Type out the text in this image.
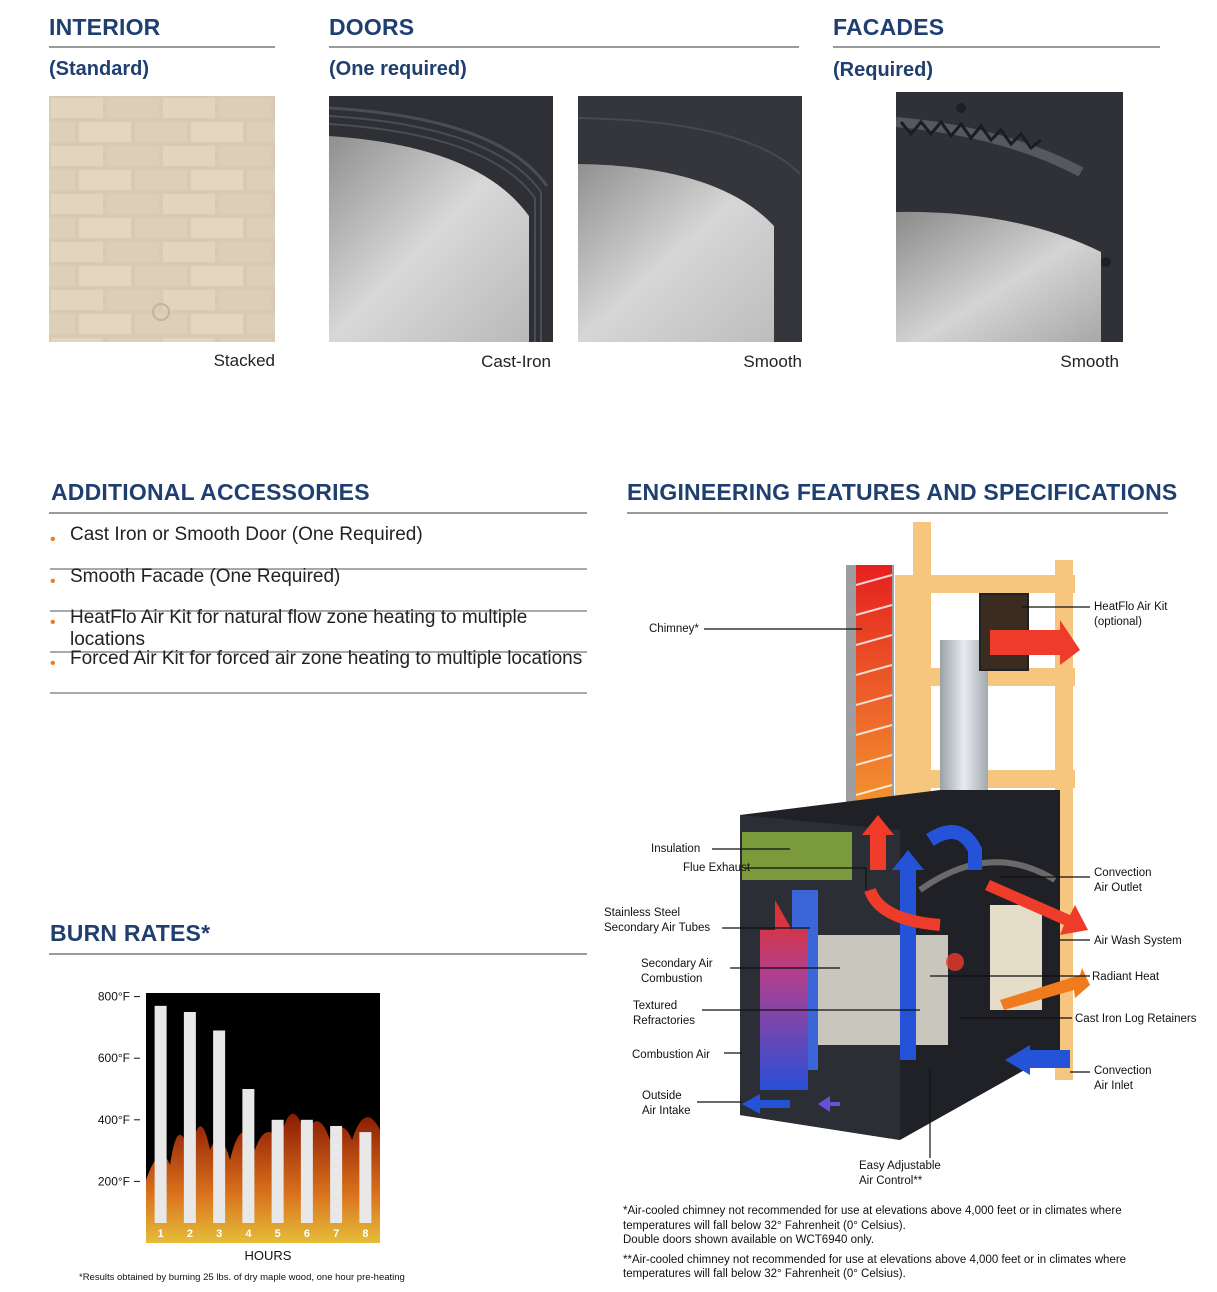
INTERIOR
(Standard)
DOORS
(One required)
FACADES
(Required)
Stacked	Cast-Iron	Smooth	Smooth
ADDITIONAL ACCESSORIES
• Cast Iron or Smooth Door (One Required)
• Smooth Facade (One Required)
• HeatFlo Air Kit for natural flow zone heating to multiple locations
• Forced Air Kit for forced air zone heating to multiple locations
ENGINEERING FEATURES AND SPECIFICATIONS
Chimney*
HeatFlo Air Kit
(optional)
Insulation
Flue Exhaust
Stainless Steel
Secondary Air Tubes
Secondary Air
Combustion
Textured
Refractories
Combustion Air
Outside
Air Intake
Convection
Air Outlet
Air Wash System
Radiant Heat
Cast Iron Log Retainers
Convection
Air Inlet
Easy Adjustable
Air Control**
*Air-cooled chimney not recommended for use at elevations above 4,000 feet or in climates where
temperatures will fall below 32° Fahrenheit (0° Celsius).
Double doors shown available on WCT6940 only.
**Air-cooled chimney not recommended for use at elevations above 4,000 feet or in climates where
temperatures will fall below 32° Fahrenheit (0° Celsius).
BURN RATES*
200°F
400°F
600°F
800°F
1 2 3 4 5 6 7 8
HOURS
*Results obtained by burning 25 lbs. of dry maple wood, one hour pre-heating
